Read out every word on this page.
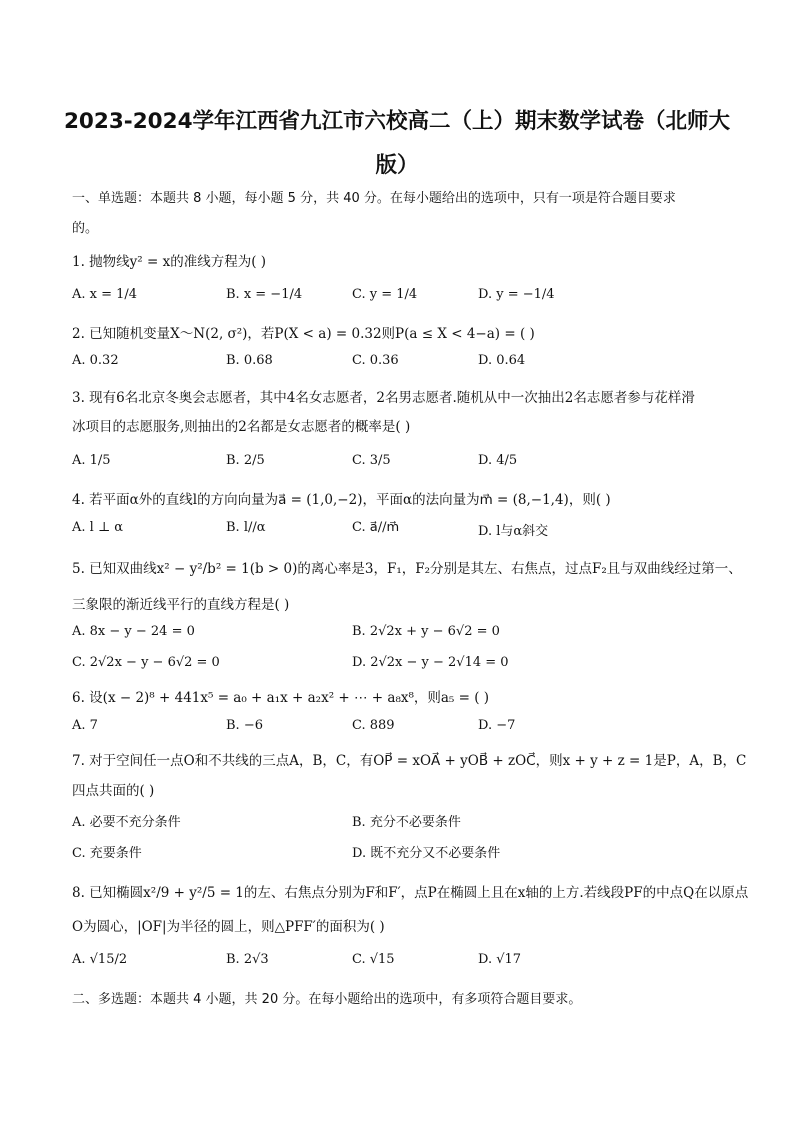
2023-2024学年江西省九江市六校高二（上）期末数学试卷（北师大
版）
一、单选题：本题共 8 小题，每小题 5 分，共 40 分。在每小题给出的选项中，只有一项是符合题目要求
的。
1. 抛物线y² = x的准线方程为( )
A. x = 1/4	B. x = −1/4	C. y = 1/4	D. y = −1/4
2. 已知随机变量X～N(2, σ²)，若P(X < a) = 0.32则P(a ≤ X < 4−a) = ( )
A. 0.32	B. 0.68	C. 0.36	D. 0.64
3. 现有6名北京冬奥会志愿者，其中4名女志愿者，2名男志愿者.随机从中一次抽出2名志愿者参与花样滑
冰项目的志愿服务,则抽出的2名都是女志愿者的概率是( )
A. 1/5	B. 2/5	C. 3/5	D. 4/5
4. 若平面α外的直线l的方向向量为a⃗ = (1,0,−2)，平面α的法向量为m⃗ = (8,−1,4)，则( )
A. l ⊥ α	B. l//α	C. a⃗//m⃗	D. l与α斜交
5. 已知双曲线x² − y²/b² = 1(b > 0)的离心率是3，F₁，F₂分别是其左、右焦点，过点F₂且与双曲线经过第一、
三象限的渐近线平行的直线方程是( )
A. 8x − y − 24 = 0	B. 2√2x + y − 6√2 = 0
C. 2√2x − y − 6√2 = 0	D. 2√2x − y − 2√14 = 0
6. 设(x − 2)⁸ + 441x⁵ = a₀ + a₁x + a₂x² + ⋯ + a₈x⁸，则a₅ = ( )
A. 7	B. −6	C. 889	D. −7
7. 对于空间任一点O和不共线的三点A，B，C，有OP⃗ = xOA⃗ + yOB⃗ + zOC⃗，则x + y + z = 1是P，A，B，C
四点共面的( )
A. 必要不充分条件	B. 充分不必要条件
C. 充要条件	D. 既不充分又不必要条件
8. 已知椭圆x²/9 + y²/5 = 1的左、右焦点分别为F和F′，点P在椭圆上且在x轴的上方.若线段PF的中点Q在以原点
O为圆心，|OF|为半径的圆上，则△PFF′的面积为( )
A. √15/2	B. 2√3	C. √15	D. √17
二、多选题：本题共 4 小题，共 20 分。在每小题给出的选项中，有多项符合题目要求。
